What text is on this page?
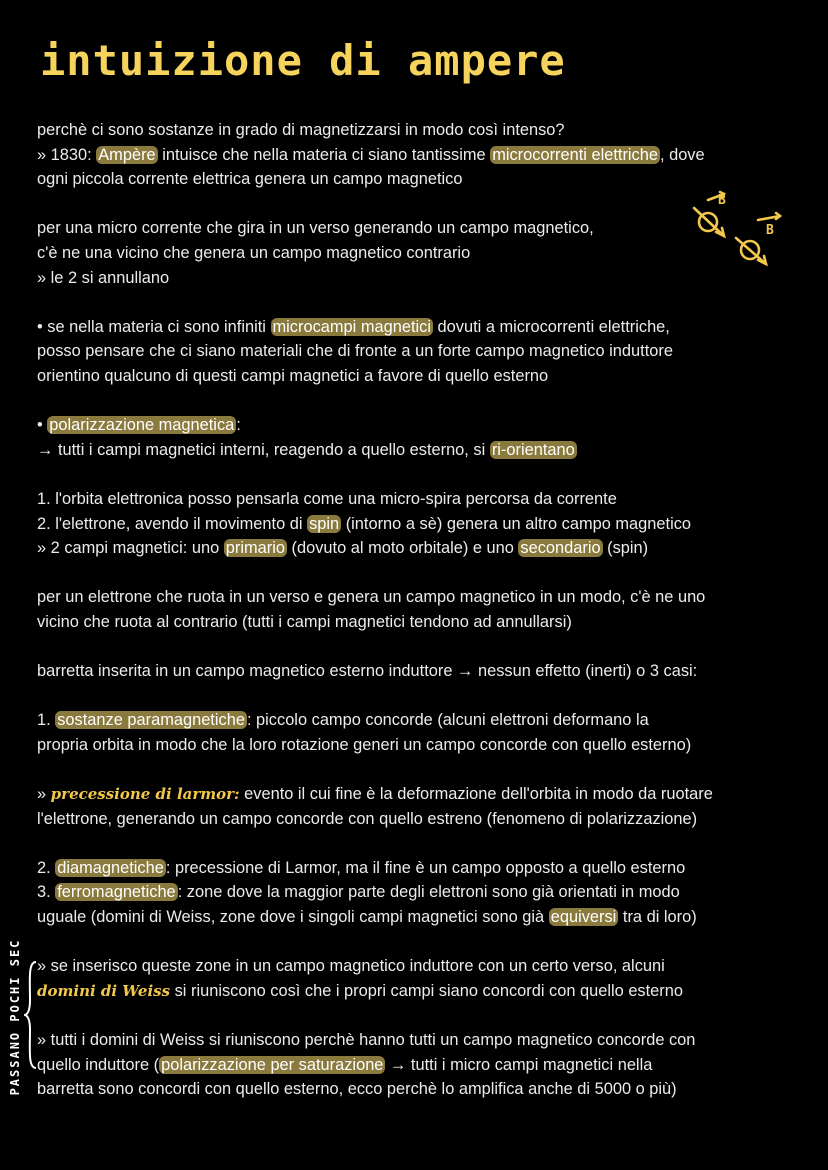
intuizione di ampere
B
B
PASSANO POCHI SEC

perchè ci sono sostanze in grado di magnetizzarsi in modo così intenso?
» 1830: Ampère intuisce che nella materia ci siano tantissime microcorrenti elettriche , dove
ogni piccola corrente elettrica genera un campo magnetico

per una micro corrente che gira in un verso generando un campo magnetico,
c'è ne una vicino che genera un campo magnetico contrario
» le 2 si annullano

• se nella materia ci sono infiniti microcampi magnetici dovuti a microcorrenti elettriche,
posso pensare che ci siano materiali che di fronte a un forte campo magnetico induttore
orientino qualcuno di questi campi magnetici a favore di quello esterno

• polarizzazione magnetica :
→ tutti i campi magnetici interni, reagendo a quello esterno, si ri-orientano

1. l'orbita elettronica posso pensarla come una micro-spira percorsa da corrente
2. l'elettrone, avendo il movimento di spin (intorno a sè) genera un altro campo magnetico
» 2 campi magnetici: uno primario (dovuto al moto orbitale) e uno secondario (spin)

per un elettrone che ruota in un verso e genera un campo magnetico in un modo, c'è ne uno
vicino che ruota al contrario (tutti i campi magnetici tendono ad annullarsi)

barretta inserita in un campo magnetico esterno induttore → nessun effetto (inerti) o 3 casi:

1. sostanze paramagnetiche : piccolo campo concorde (alcuni elettroni deformano la
propria orbita in modo che la loro rotazione generi un campo concorde con quello esterno)

» precessione di larmor: evento il cui fine è la deformazione dell'orbita in modo da ruotare
l'elettrone, generando un campo concorde con quello estreno (fenomeno di polarizzazione)

2. diamagnetiche : precessione di Larmor, ma il fine è un campo opposto a quello esterno
3. ferromagnetiche : zone dove la maggior parte degli elettroni sono già orientati in modo
uguale (domini di Weiss, zone dove i singoli campi magnetici sono già equiversi tra di loro)

» se inserisco queste zone in un campo magnetico induttore con un certo verso, alcuni
domini di Weiss si riuniscono così che i propri campi siano concordi con quello esterno

» tutti i domini di Weiss si riuniscono perchè hanno tutti un campo magnetico concorde con
quello induttore ( polarizzazione per saturazione → tutti i micro campi magnetici nella
barretta sono concordi con quello esterno, ecco perchè lo amplifica anche di 5000 o più)
